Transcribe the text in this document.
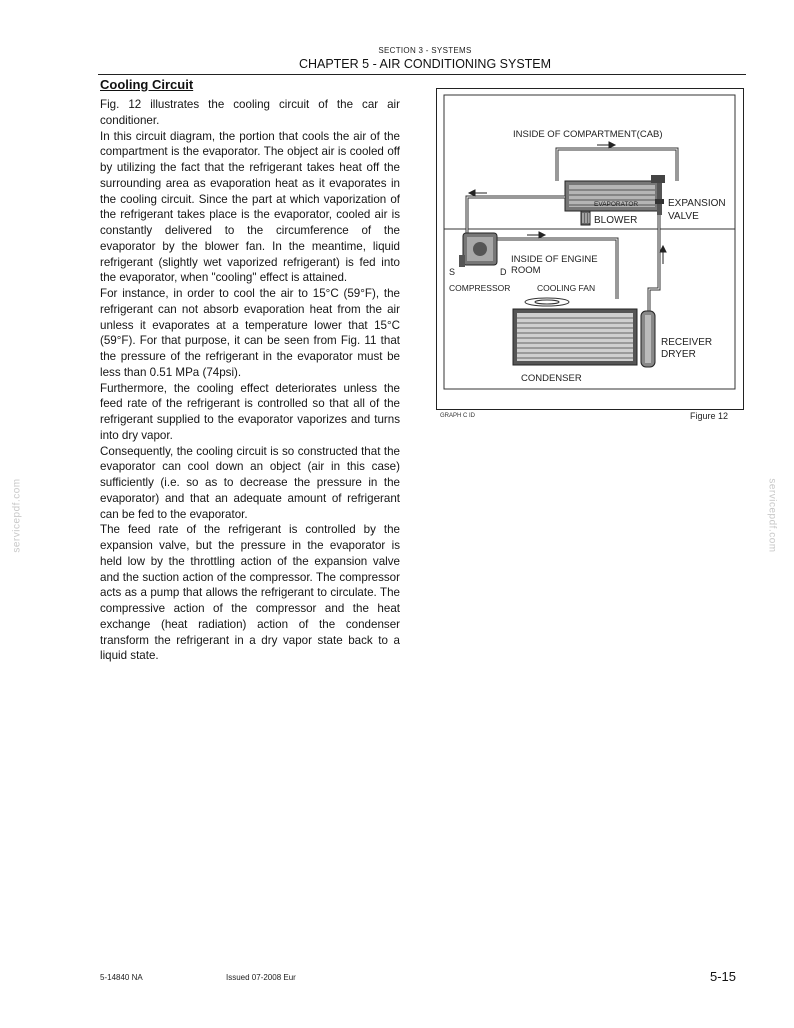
SECTION 3 - SYSTEMS
CHAPTER 5 - AIR CONDITIONING SYSTEM
Cooling Circuit

Fig. 12 illustrates the cooling circuit of the car air conditioner.

In this circuit diagram, the portion that cools the air of the compartment is the evaporator. The object air is cooled off by utilizing the fact that the refrigerant takes heat off the surrounding area as evaporation heat as it evaporates in the cooling circuit. Since the part at which vaporization of the refrigerant takes place is the evaporator, cooled air is constantly delivered to the circumference of the evaporator by the blower fan. In the meantime, liquid refrigerant (slightly wet vaporized refrigerant) is fed into the evaporator, when "cooling" effect is attained.

For instance, in order to cool the air to 15°C (59°F), the refrigerant can not absorb evaporation heat from the air unless it evaporates at a temperature lower that 15°C (59°F). For that purpose, it can be seen from Fig. 11 that the pressure of the refrigerant in the evaporator must be less than 0.51 MPa (74psi).

Furthermore, the cooling effect deteriorates unless the feed rate of the refrigerant is controlled so that all of the refrigerant supplied to the evaporator vaporizes and turns into dry vapor.

Consequently, the cooling circuit is so constructed that the evaporator can cool down an object (air in this case) sufficiently (i.e. so as to decrease the pressure in the evaporator) and that an adequate amount of refrigerant can be fed to the evaporator.

The feed rate of the refrigerant is controlled by the expansion valve, but the pressure in the evaporator is held low by the throttling action of the expansion valve and the suction action of the compressor. The compressor acts as a pump that allows the refrigerant to circulate. The compressive action of the compressor and the heat exchange (heat radiation) action of the condenser transform the refrigerant in a dry vapor state back to a liquid state.

INSIDE OF COMPARTMENT(CAB)
EVAPORATOR	EXPANSION
VALVE
BLOWER
INSIDE OF ENGINE
ROOM
S	D
COMPRESSOR	COOLING FAN
RECEIVER
DRYER
CONDENSER
GRAPH C ID	Figure 12
5-14840 NA	Issued 07-2008 Eur	5-15
servicepdf.com	servicepdf.com
